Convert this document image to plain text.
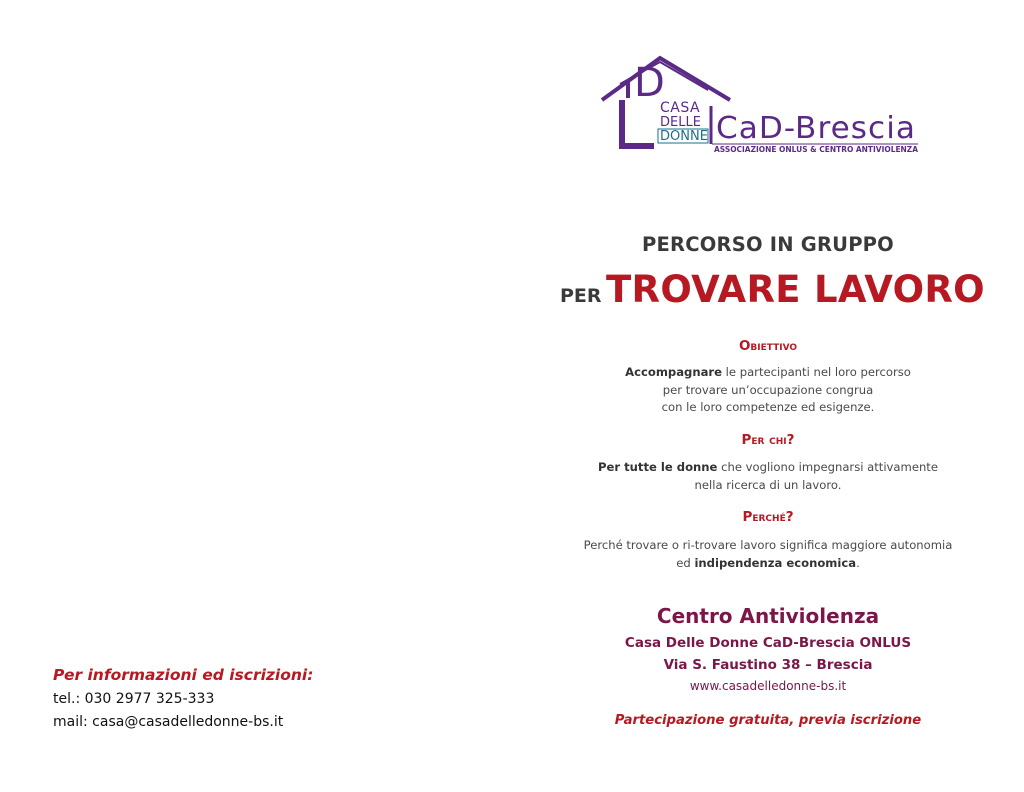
D
CASA
DELLE
DONNE CaD-Brescia
ASSOCIAZIONE ONLUS & CENTRO ANTIVIOLENZA
PERCORSO IN GRUPPO
PER TROVARE LAVORO
Obiettivo
Accompagnare le partecipanti nel loro percorso
per trovare un’occupazione congrua
con le loro competenze ed esigenze.
Per chi?
Per tutte le donne che vogliono impegnarsi attivamente
nella ricerca di un lavoro.
Perché?
Perché trovare o ri-trovare lavoro significa maggiore autonomia
ed indipendenza economica.
Centro Antiviolenza
Casa Delle Donne CaD-Brescia ONLUS
Via S. Faustino 38 – Brescia
www.casadelledonne-bs.it
Partecipazione gratuita, previa iscrizione
Per informazioni ed iscrizioni:
tel.: 030 2977 325-333
mail: casa@casadelledonne-bs.it
